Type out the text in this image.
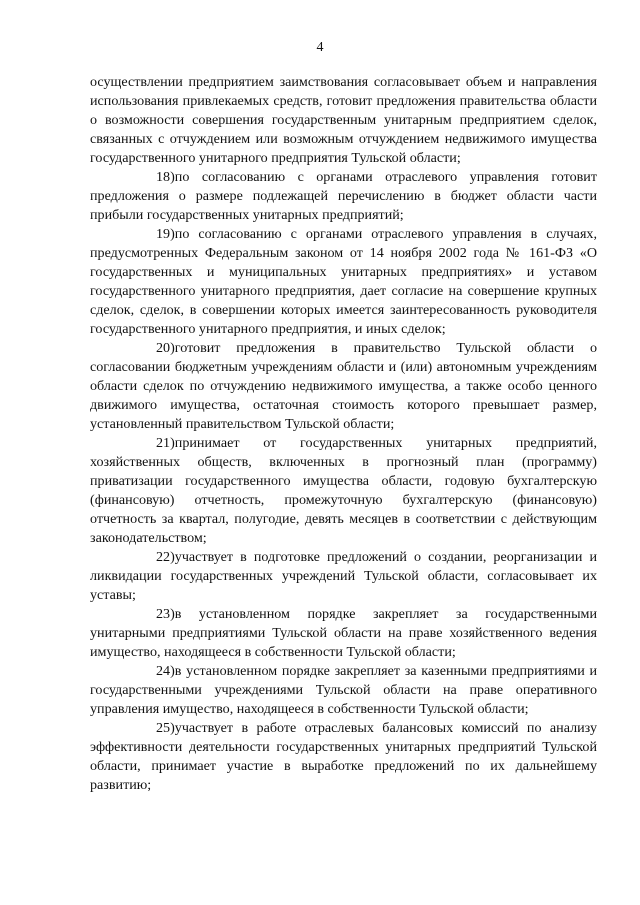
4

осуществлении предприятием заимствования согласовывает объем и направления использования привлекаемых средств, готовит предложения правительства области о возможности совершения государственным унитарным предприятием сделок, связанных с отчуждением или возможным отчуждением недвижимого имущества государственного унитарного предприятия Тульской области;

18)по согласованию с органами отраслевого управления готовит предложения о размере подлежащей перечислению в бюджет области части прибыли государственных унитарных предприятий;

19)по согласованию с органами отраслевого управления в случаях, предусмотренных Федеральным законом от 14 ноября 2002 года № 161-ФЗ «О государственных и муниципальных унитарных предприятиях» и уставом государственного унитарного предприятия, дает согласие на совершение крупных сделок, сделок, в совершении которых имеется заинтересованность руководителя государственного унитарного предприятия, и иных сделок;

20)готовит предложения в правительство Тульской области о согласовании бюджетным учреждениям области и (или) автономным учреждениям области сделок по отчуждению недвижимого имущества, а также особо ценного движимого имущества, остаточная стоимость которого превышает размер, установленный правительством Тульской области;

21)принимает от государственных унитарных предприятий, хозяйственных обществ, включенных в прогнозный план (программу) приватизации государственного имущества области, годовую бухгалтерскую (финансовую) отчетность, промежуточную бухгалтерскую (финансовую) отчетность за квартал, полугодие, девять месяцев в соответствии с действующим законодательством;

22)участвует в подготовке предложений о создании, реорганизации и ликвидации государственных учреждений Тульской области, согласовывает их уставы;

23)в установленном порядке закрепляет за государственными унитарными предприятиями Тульской области на праве хозяйственного ведения имущество, находящееся в собственности Тульской области;

24)в установленном порядке закрепляет за казенными предприятиями и государственными учреждениями Тульской области на праве оперативного управления имущество, находящееся в собственности Тульской области;

25)участвует в работе отраслевых балансовых комиссий по анализу эффективности деятельности государственных унитарных предприятий Тульской области, принимает участие в выработке предложений по их дальнейшему развитию;
